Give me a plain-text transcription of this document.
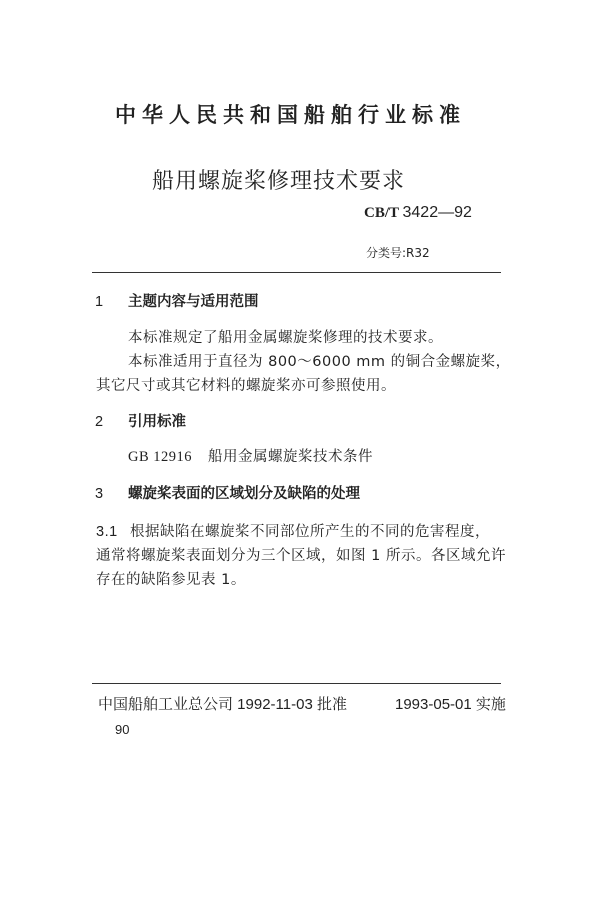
中华人民共和国船舶行业标准
船用螺旋桨修理技术要求
CB/T 3422—92
分类号:R32
1 主题内容与适用范围
本标准规定了船用金属螺旋桨修理的技术要求。
本标准适用于直径为 800～6000 mm 的铜合金螺旋桨，
其它尺寸或其它材料的螺旋桨亦可参照使用。
2 引用标准
GB 12916 船用金属螺旋桨技术条件
3 螺旋桨表面的区域划分及缺陷的处理
3.1 根据缺陷在螺旋桨不同部位所产生的不同的危害程度，
通常将螺旋桨表面划分为三个区域，如图 1 所示。各区域允许
存在的缺陷参见表 1。
中国船舶工业总公司 1992-11-03 批准	1993-05-01 实施
90
